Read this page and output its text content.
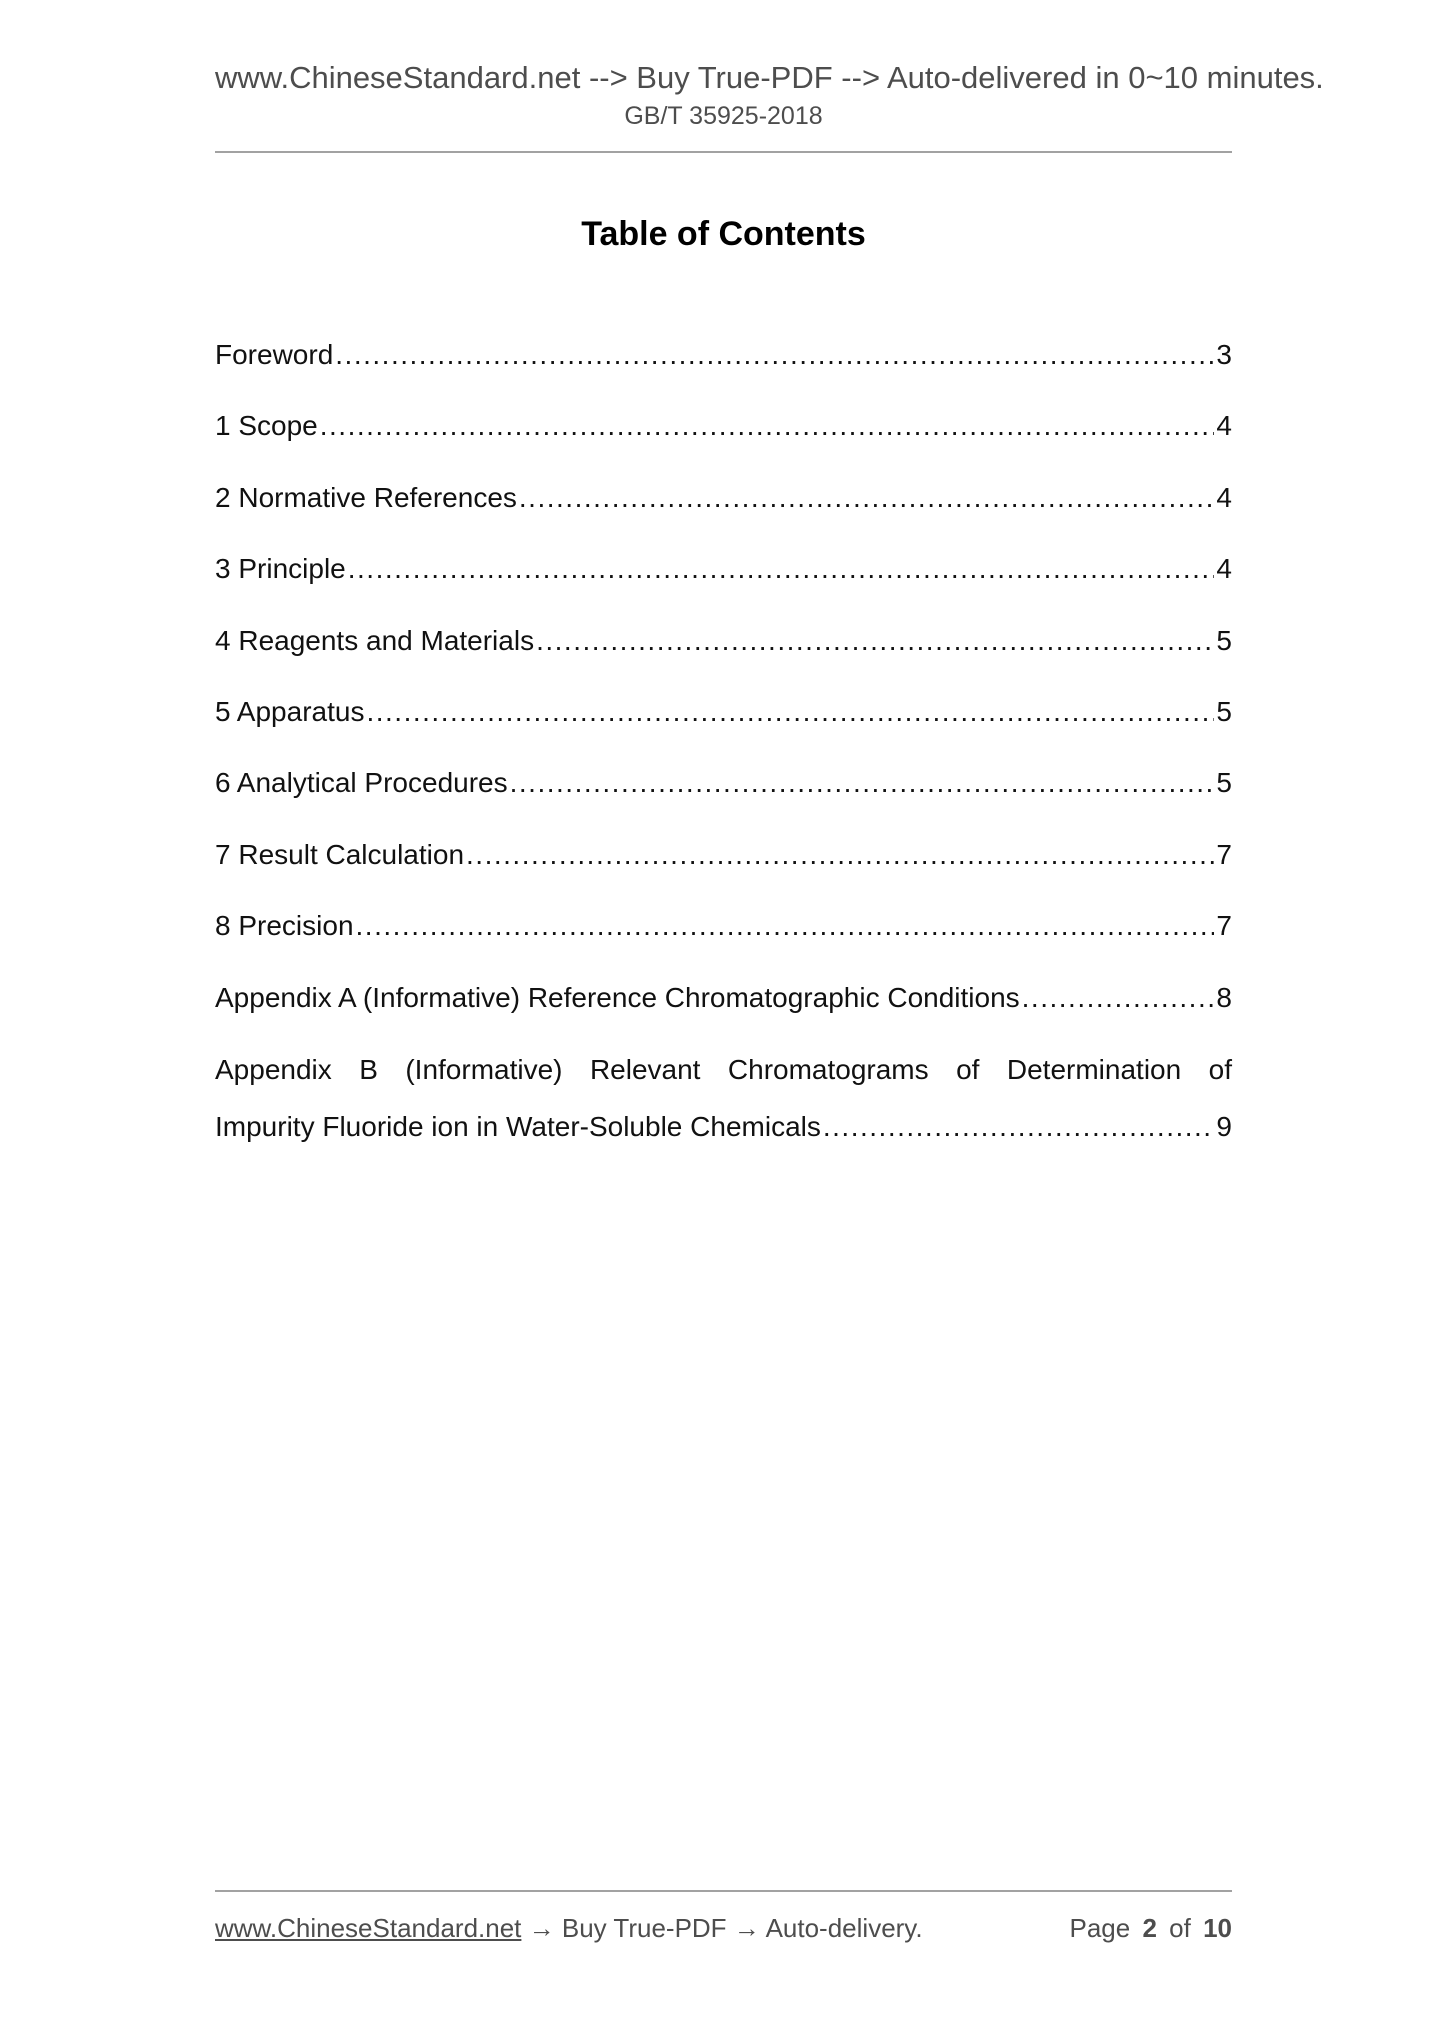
www.ChineseStandard.net --> Buy True-PDF --> Auto-delivered in 0~10 minutes.
GB/T 35925-2018
Table of Contents
Foreword .....	3
1 Scope .....	4
2 Normative References .....	4
3 Principle .....	4
4 Reagents and Materials .....	5
5 Apparatus .....	5
6 Analytical Procedures .....	5
7 Result Calculation .....	7
8 Precision .....	7
Appendix A (Informative) Reference Chromatographic Conditions .....	8
Appendix B (Informative) Relevant Chromatograms of Determination of
Impurity Fluoride ion in Water-Soluble Chemicals .....	9
www.ChineseStandard.net → Buy True-PDF → Auto-delivery.	Page 2 of 10
